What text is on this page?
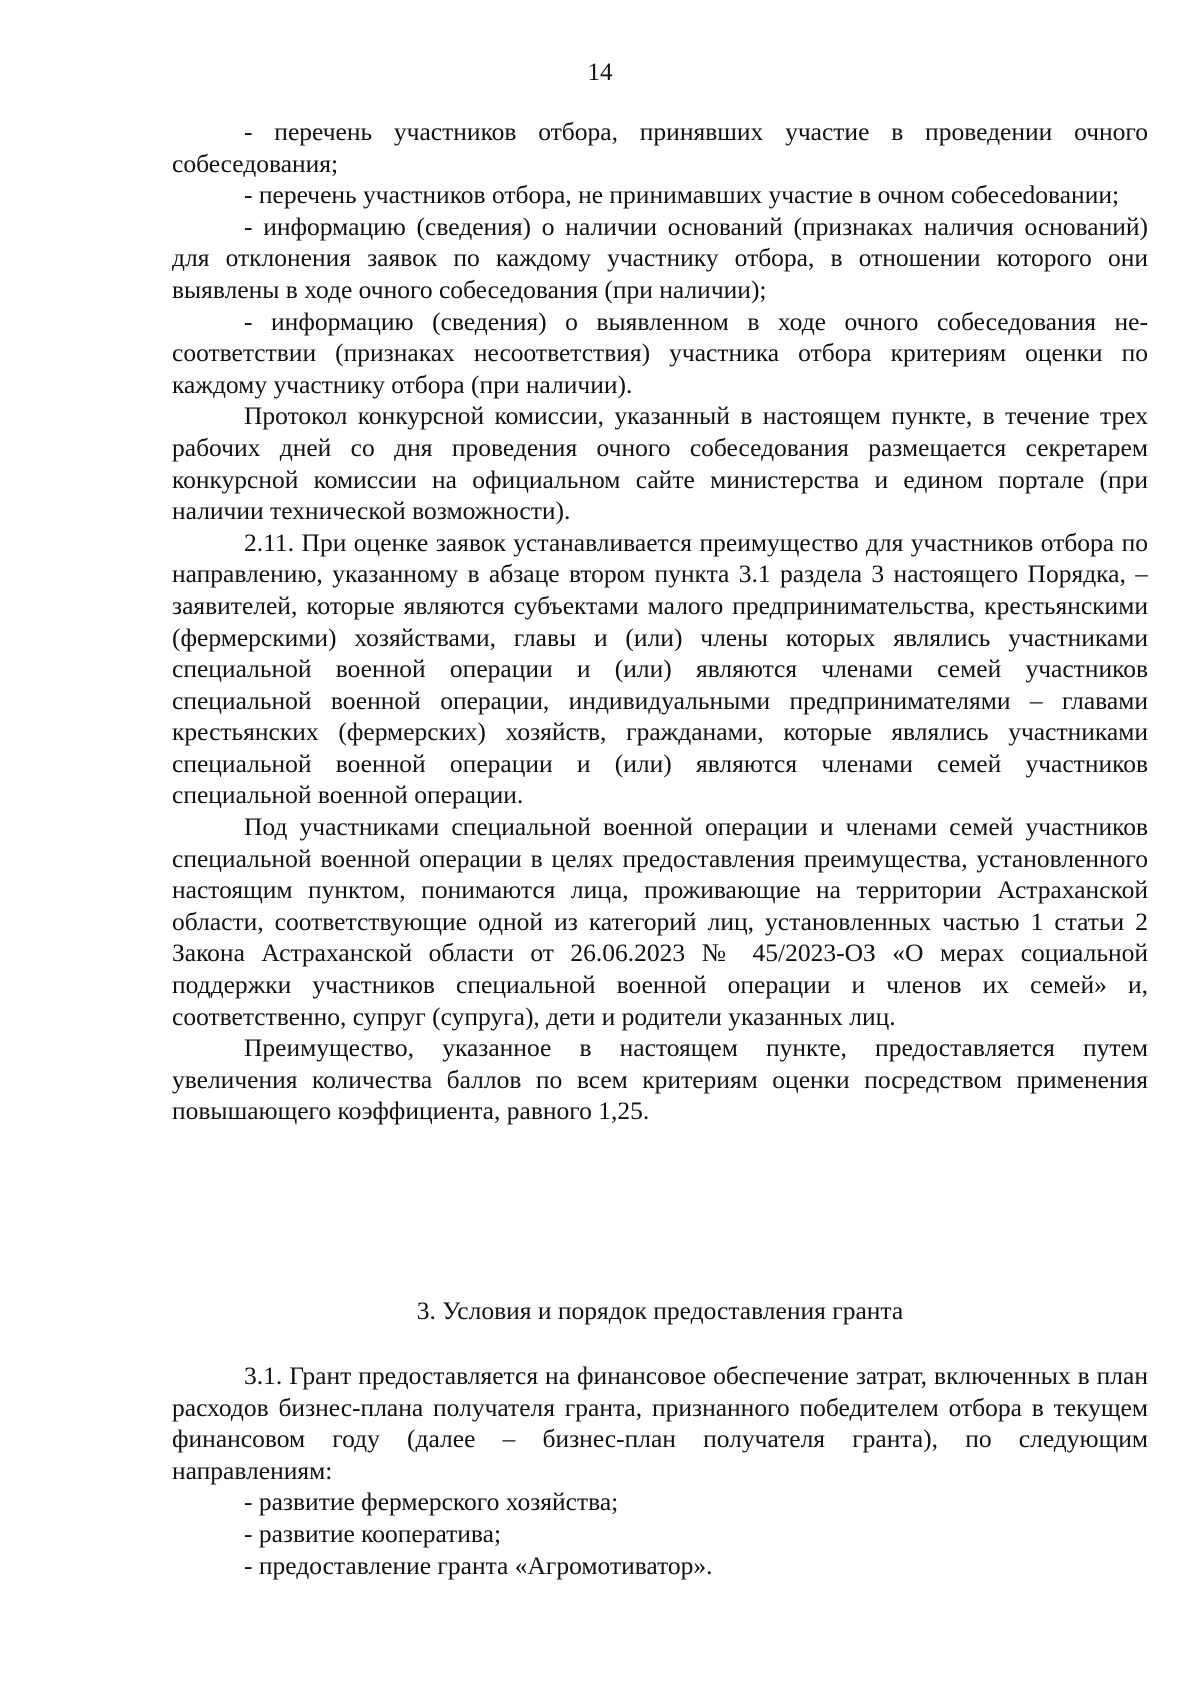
14

- перечень участников отбора, принявших участие в проведении очного собеседования;

- перечень участников отбора, не принимавших участие в очном собесеdовании;

- информацию (сведения) о наличии оснований (признаках наличия оснований) для отклонения заявок по каждому участнику отбора, в отношении которого они выявлены в ходе очного собеседования (при наличии);

- информацию (сведения) о выявленном в ходе очного собеседования несоответствии (признаках несоответствия) участника отбора критериям оценки по каждому участнику отбора (при наличии).

Протокол конкурсной комиссии, указанный в настоящем пункте, в течение трех рабочих дней со дня проведения очного собеседования размещается секретарем конкурсной комиссии на официальном сайте министерства и едином портале (при наличии технической возможности).

2.11. При оценке заявок устанавливается преимущество для участников отбора по направлению, указанному в абзаце втором пункта 3.1 раздела 3 настоящего Порядка, – заявителей, которые являются субъектами малого предпринимательства, крестьянскими (фермерскими) хозяйствами, главы и (или) члены которых являлись участниками специальной военной операции и (или) являются членами семей участников специальной военной операции, индивидуальными предпринимателями – главами крестьянских (фермерских) хозяйств, гражданами, которые являлись участниками специальной военной операции и (или) являются членами семей участников специальной военной операции.

Под участниками специальной военной операции и членами семей участников специальной военной операции в целях предоставления преимущества, установленного настоящим пунктом, понимаются лица, проживающие на территории Астраханской области, соответствующие одной из категорий лиц, установленных частью 1 статьи 2 Закона Астраханской области от 26.06.2023 № 45/2023-ОЗ «О мерах социальной поддержки участников специальной военной операции и членов их семей» и, соответственно, супруг (супруга), дети и родители указанных лиц.

Преимущество, указанное в настоящем пункте, предоставляется путем увеличения количества баллов по всем критериям оценки посредством применения повышающего коэффициента, равного 1,25.

3. Условия и порядок предоставления гранта

3.1. Грант предоставляется на финансовое обеспечение затрат, включенных в план расходов бизнес-плана получателя гранта, признанного победителем отбора в текущем финансовом году (далее – бизнес-план получателя гранта), по следующим направлениям:

- развитие фермерского хозяйства;

- развитие кооператива;

- предоставление гранта «Агромотиватор».
